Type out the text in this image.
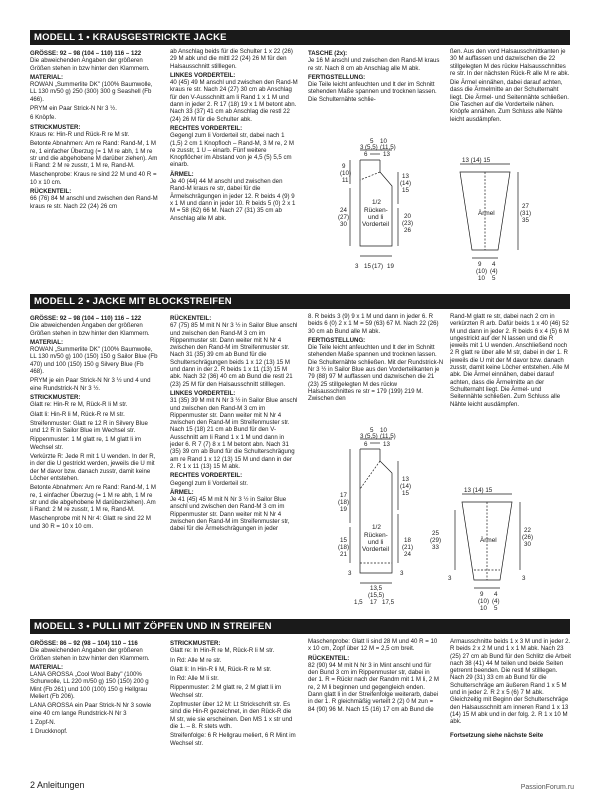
MODELL 1 • KRAUSGESTRICKTE JACKE
GRÖSSE: 92 – 98 (104 – 110) 116 – 122
Die abweichenden Angaben der größeren Größen stehen in bzw hinter den Klammern.
MATERIAL:
ROWAN „Summerlite DK" (100% Baumwolle, LL 130 m/50 g) 250 (300) 300 g Seashell (Fb 466).
PRYM ein Paar Strick-N Nr 3 ½.
6 Knöpfe.
STRICKMUSTER:
Kraus re: Hin-R und Rück-R re M str.
Betonte Abnahmen: Am re Rand: Rand-M, 1 M re, 1 einfacher Überzug (= 1 M re abh, 1 M re str und die abgehobene M darüber ziehen). Am li Rand: 2 M re zusstr, 1 M re, Rand-M.
Maschenprobe: Kraus re sind 22 M und 40 R = 10 x 10 cm.
RÜCKENTEIL:
66 (76) 84 M anschl und zwischen den Rand-M kraus re str. Nach 22 (24) 26 cm
ab Anschlag beids für die Schulter 1 x 22 (26) 29 M abk und die mittl 22 (24) 26 M für den Halsausschnitt stilllegen.
LINKES VORDERTEIL:
40 (45) 49 M anschl und zwischen den Rand-M kraus re str. Nach 24 (27) 30 cm ab Anschlag für den V-Ausschnitt am li Rand 1 x 1 M und dann in jeder 2. R 17 (18) 19 x 1 M betont abn. Nach 33 (37) 41 cm ab Anschlag die restl 22 (24) 26 M für die Schulter abk.
RECHTES VORDERTEIL:
Gegengl zum li Vorderteil str, dabei nach 1 (1,5) 2 cm 1 Knopfloch – Rand-M, 3 M re, 2 M re zusstr, 1 U – einarb. Fünf weitere Knopflöcher im Abstand von je 4,5 (5) 5,5 cm einarb.
ÄRMEL:
Je 40 (44) 44 M anschl und zwischen den Rand-M kraus re str, dabei für die Ärmelschrägungen in jeder 12. R beids 4 (9) 9 x 1 M und dann in jeder 10. R beids 5 (0) 2 x 1 M = 58 (62) 66 M. Nach 27 (31) 35 cm ab Anschlag alle M abk.
TASCHE (2x):
Je 16 M anschl und zwischen den Rand-M kraus re str. Nach 8 cm ab Anschlag alle M abk.
FERTIGSTELLUNG:
Die Teile leicht anfeuchten und lt der im Schnitt stehenden Maße spannen und trocknen lassen. Die Schulternähte schlie-
ßen. Aus den vord Halsausschnittkanten je 30 M auffassen und dazwischen die 22 stillgelegten M des rückw Halsausschnittes re str. In der nächsten Rück-R alle M re abk.
Die Ärmel einnähen, dabei darauf achten, dass die Ärmelmitte an der Schulternaht liegt. Die Ärmel- und Seitennähte schließen. Die Taschen auf die Vorderteile nähen. Knöpfe annähen. Zum Schluss alle Nähte leicht ausdämpfen.
5 10
3 (5,5) (11,5)
6	13
9
(10)
11
13
(14)
15
24
(27)
30
20
(23)
26
1/2
Rücken-
und li
Vorderteil
3 15 (17) 19
13 (14) 15
Ärmel
27
(31)
35
9
(10)
10
(4)
5
4
MODELL 2 • JACKE MIT BLOCKSTREIFEN
GRÖSSE: 92 – 98 (104 – 110) 116 – 122
Die abweichenden Angaben der größeren Größen stehen in bzw hinter den Klammern.
MATERIAL:
ROWAN „Summerlite DK" (100% Baumwolle, LL 130 m/50 g) 100 (150) 150 g Sailor Blue (Fb 470) und 100 (150) 150 g Silvery Blue (Fb 468).
PRYM je ein Paar Strick-N Nr 3 ½ und 4 und eine Rundstrick-N Nr 3 ½.
STRICKMUSTER:
Glatt re: Hin-R re M, Rück-R li M str.
Glatt li: Hin-R li M, Rück-R re M str.
Streifenmuster: Glatt re 12 R in Silvery Blue und 12 R in Sailor Blue im Wechsel str.
Rippenmuster: 1 M glatt re, 1 M glatt li im Wechsel str.
Verkürzte R: Jede R mit 1 U wenden. In der R, in der die U gestrickt werden, jeweils die U mit der M davor bzw. danach zusstr, damit keine Löcher entstehen.
Betonte Abnahmen: Am re Rand: Rand-M, 1 M re, 1 einfacher Überzug (= 1 M re abh, 1 M re str und die abgehobene M darüberziehen). Am li Rand: 2 M re zusstr, 1 M re, Rand-M.
Maschenprobe mit N Nr 4: Glatt re sind 22 M und 30 R = 10 x 10 cm.
RÜCKENTEIL:
67 (75) 85 M mit N Nr 3 ½ in Sailor Blue anschl und zwischen den Rand-M 3 cm im Rippenmuster str. Dann weiter mit N Nr 4 zwischen den Rand-M im Streifenmuster str. Nach 31 (35) 39 cm ab Bund für die Schulterschrägungen beids 1 x 12 (13) 15 M und dann in der 2. R beids 1 x 11 (13) 15 M abk. Nach 32 (36) 40 cm ab Bund die restl 21 (23) 25 M für den Halsausschnitt stilllegen.
LINKES VORDERTEIL:
31 (35) 39 M mit N Nr 3 ½ in Sailor Blue anschl und zwischen den Rand-M 3 cm im Rippenmuster str. Dann weiter mit N Nr 4 zwischen den Rand-M im Streifenmuster str. Nach 15 (18) 21 cm ab Bund für den V-Ausschnitt am li Rand 1 x 1 M und dann in jeder 6. R 7 (7) 8 x 1 M betont abn. Nach 31 (35) 39 cm ab Bund für die Schulterschrägung am re Rand 1 x 12 (13) 15 M und dann in der 2. R 1 x 11 (13) 15 M abk.
RECHTES VORDERTEIL:
Gegengl zum li Vorderteil str.
ÄRMEL:
Je 41 (45) 45 M mit N Nr 3 ½ in Sailor Blue anschl und zwischen den Rand-M 3 cm im Rippenmuster str. Dann weiter mit N Nr 4 zwischen den Rand-M im Streifenmuster str, dabei für die Ärmelschrägungen in jeder
8. R beids 3 (9) 9 x 1 M und dann in jeder 6. R beids 6 (0) 2 x 1 M = 59 (63) 67 M. Nach 22 (26) 30 cm ab Bund alle M abk.
FERTIGSTELLUNG:
Die Teile leicht anfeuchten und lt der im Schnitt stehenden Maße spannen und trocknen lassen. Die Schulternähte schließen. Mit der Rundstrick-N Nr 3 ½ in Sailor Blue aus den Vorderteilkanten je 79 (88) 97 M auffassen und dazwischen die 21 (23) 25 stillgelegten M des rückw Halsausschnittes re str = 179 (199) 219 M. Zwischen den
Rand-M glatt re str, dabei nach 2 cm in verkürzten R arb. Dafür beids 1 x 40 (46) 52 M und dann in jeder 2. R beids 6 x 4 (5) 6 M ungestrickt auf der N lassen und die R jeweils mit 1 U wenden. Anschließend noch 2 R glatt re über alle M str, dabei in der 1. R jeweils die U mit der M davor bzw. danach zusstr, damit keine Löcher entstehen. Alle M abk. Die Ärmel einnähen, dabei darauf achten, dass die Ärmelmitte an der Schulternaht liegt. Die Ärmel- und Seitennähte schließen. Zum Schluss alle Nähte leicht ausdämpfen.
5 10
3 (5,5) (11,5)
6	13
17
(18)
19
13
(14)
15
15
(18)
21
18
(21)
24
1/2
Rücken-
und li
Vorderteil
3	3
13,5
(15,5)
1,5 17 17,5
13 (14) 15
Ärmel
25
(29)
33
22
(26)
30
3	3
9
(10)
10
4
(4)
5
MODELL 3 • PULLI MIT ZÖPFEN UND IN STREIFEN
GRÖSSE: 86 – 92 (98 – 104) 110 – 116
Die abweichenden Angaben der größeren Größen stehen in bzw hinter den Klammern.
MATERIAL:
LANA GROSSA „Cool Wool Baby" (100% Schurwolle, LL 220 m/50 g) 150 (150) 200 g Mint (Fb 261) und 100 (100) 150 g Hellgrau Meliert (Fb 206).
LANA GROSSA ein Paar Strick-N Nr 3 sowie eine 40 cm lange Rundstrick-N Nr 3
1 Zopf-N.
1 Druckknopf.
STRICKMUSTER:
Glatt re: In Hin-R re M, Rück-R li M str.
In Rd: Alle M re str.
Glatt li: In Hin-R li M, Rück-R re M str.
In Rd: Alle M li str.
Rippenmuster: 2 M glatt re, 2 M glatt li im Wechsel str.
Zopfmuster über 12 M: Lt Strickschrift str. Es sind die Hin-R gezeichnet, in den Rück-R die M str, wie sie erscheinen. Den MS 1 x str und die 1. – 8. R stets wdh.
Streifenfolge: 6 R Hellgrau meliert, 6 R Mint im Wechsel str.
Maschenprobe: Glatt li sind 28 M und 40 R = 10 x 10 cm, Zopf über 12 M = 2,5 cm breit.
RÜCKENTEIL:
82 (90) 94 M mit N Nr 3 in Mint anschl und für den Bund 3 cm im Rippenmuster str, dabei in der 1. R = Rückr nach der Randm mit 1 M li, 2 M re, 2 M li beginnen und gegengleich enden. Dann glatt li in der Streifenfolge weiterarb, dabei in der 1. R gleichmäßig verteilt 2 (2) 0 M zun = 84 (90) 96 M. Nach 15 (16) 17 cm ab Bund die
Armausschnitte beids 1 x 3 M und in jeder 2. R beids 2 x 2 M und 1 x 1 M abk. Nach 23 (25) 27 cm ab Bund für den Schlitz die Arbeit nach 38 (41) 44 M teilen und beide Seiten getrennt beenden. Die restl M stilllegen. Nach 29 (31) 33 cm ab Bund für die Schulterschräge am äußeren Rand 1 x 5 M und in jeder 2. R 2 x 5 (6) 7 M abk. Gleichzeitig mit Beginn der Schulterschräge den Halsausschnitt am inneren Rand 1 x 13 (14) 15 M abk und in der folg. 2. R 1 x 10 M abk.
Fortsetzung siehe nächste Seite
2 Anleitungen	PassionForum.ru
